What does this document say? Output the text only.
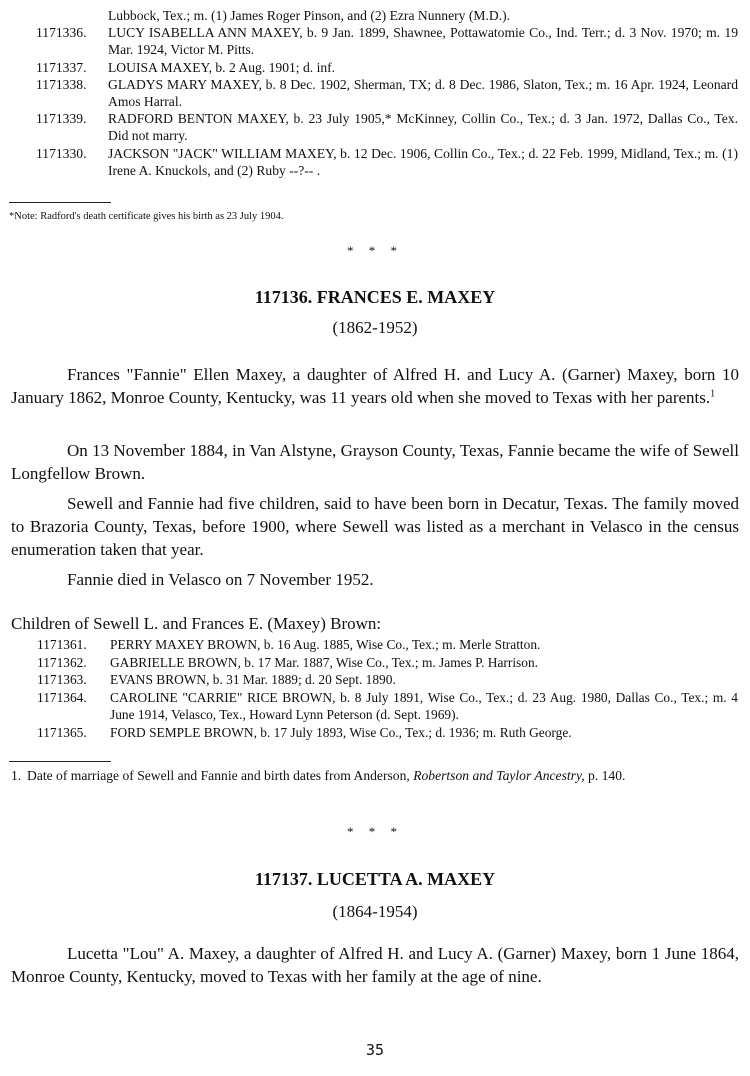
Lubbock, Tex.; m. (1) James Roger Pinson, and (2) Ezra Nunnery (M.D.).
1171336.	LUCY ISABELLA ANN MAXEY, b. 9 Jan. 1899, Shawnee, Pottawatomie Co., Ind. Terr.; d. 3 Nov. 1970; m. 19 Mar. 1924, Victor M. Pitts.
1171337.	LOUISA MAXEY, b. 2 Aug. 1901; d. inf.
1171338.	GLADYS MARY MAXEY, b. 8 Dec. 1902, Sherman, TX; d. 8 Dec. 1986, Slaton, Tex.; m. 16 Apr. 1924, Leonard Amos Harral.
1171339.	RADFORD BENTON MAXEY, b. 23 July 1905,* McKinney, Collin Co., Tex.; d. 3 Jan. 1972, Dallas Co., Tex. Did not marry.
1171330.	JACKSON "JACK" WILLIAM MAXEY, b. 12 Dec. 1906, Collin Co., Tex.; d. 22 Feb. 1999, Midland, Tex.; m. (1) Irene A. Knuckols, and (2) Ruby --?-- .
*Note: Radford's death certificate gives his birth as 23 July 1904.
* * *
117136. FRANCES E. MAXEY
(1862-1952)
Frances "Fannie" Ellen Maxey, a daughter of Alfred H. and Lucy A. (Garner) Maxey, born 10 January 1862, Monroe County, Kentucky, was 11 years old when she moved to Texas with her parents.$^1$
On 13 November 1884, in Van Alstyne, Grayson County, Texas, Fannie became the wife of Sewell Longfellow Brown.
Sewell and Fannie had five children, said to have been born in Decatur, Texas. The family moved to Brazoria County, Texas, before 1900, where Sewell was listed as a merchant in Velasco in the census enumeration taken that year.
Fannie died in Velasco on 7 November 1952.
Children of Sewell L. and Frances E. (Maxey) Brown:
1171361. PERRY MAXEY BROWN, b. 16 Aug. 1885, Wise Co., Tex.; m. Merle Stratton.
1171362. GABRIELLE BROWN, b. 17 Mar. 1887, Wise Co., Tex.; m. James P. Harrison.
1171363. EVANS BROWN, b. 31 Mar. 1889; d. 20 Sept. 1890.
1171364. CAROLINE "CARRIE" RICE BROWN, b. 8 July 1891, Wise Co., Tex.; d. 23 Aug. 1980, Dallas Co., Tex.; m. 4 June 1914, Velasco, Tex., Howard Lynn Peterson (d. Sept. 1969).
1171365. FORD SEMPLE BROWN, b. 17 July 1893, Wise Co., Tex.; d. 1936; m. Ruth George.
1. Date of marriage of Sewell and Fannie and birth dates from Anderson, Robertson and Taylor Ancestry, p. 140.
* * *
117137. LUCETTA A. MAXEY
(1864-1954)
Lucetta "Lou" A. Maxey, a daughter of Alfred H. and Lucy A. (Garner) Maxey, born 1 June 1864, Monroe County, Kentucky, moved to Texas with her family at the age of nine.
35
